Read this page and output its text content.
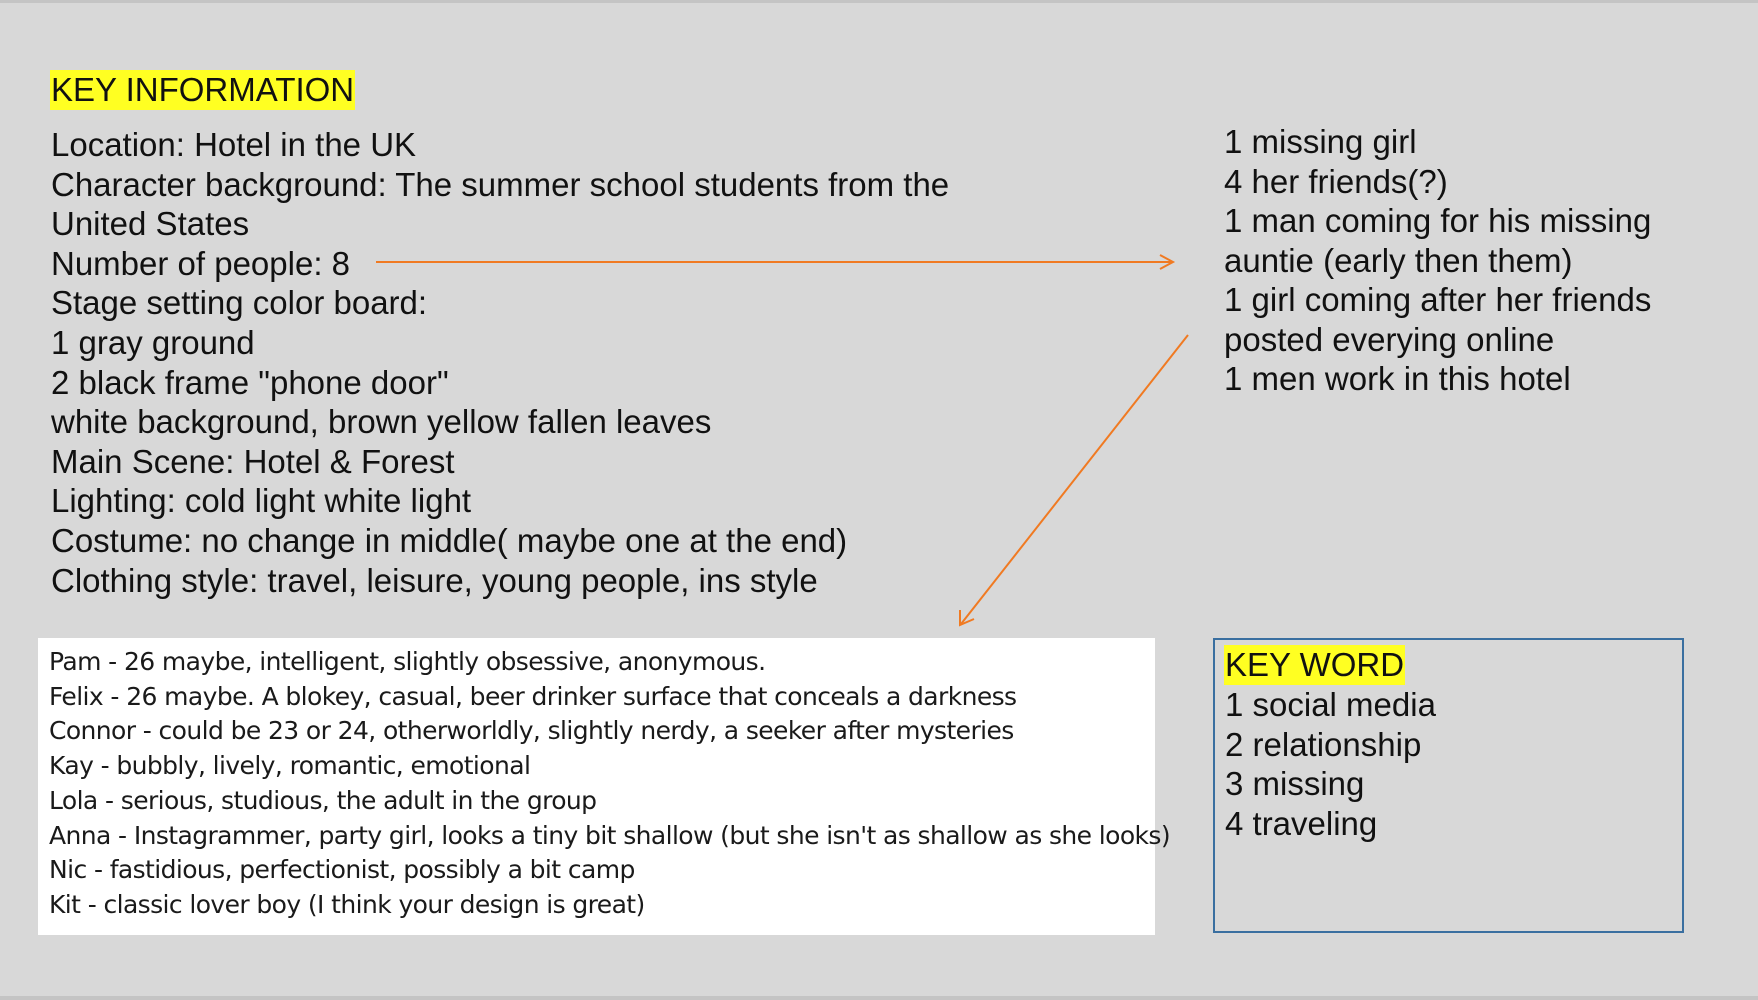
KEY INFORMATION
Location: Hotel in the UK
Character background: The summer school students from the
United States
Number of people: 8
Stage setting color board:
1 gray ground
2 black frame "phone door"
white background, brown yellow fallen leaves
Main Scene: Hotel & Forest
Lighting: cold light white light
Costume: no change in middle( maybe one at the end)
Clothing style: travel, leisure, young people, ins style
1 missing girl
4 her friends(?)
1 man coming for his missing
auntie (early then them)
1 girl coming after her friends
posted everying online
1 men work in this hotel
Pam - 26 maybe, intelligent, slightly obsessive, anonymous.
Felix - 26 maybe. A blokey, casual, beer drinker surface that conceals a darkness
Connor - could be 23 or 24, otherworldly, slightly nerdy, a seeker after mysteries
Kay - bubbly, lively, romantic, emotional
Lola - serious, studious, the adult in the group
Anna - Instagrammer, party girl, looks a tiny bit shallow (but she isn't as shallow as she looks)
Nic - fastidious, perfectionist, possibly a bit camp
Kit - classic lover boy (I think your design is great)
KEY WORD
1 social media
2 relationship
3 missing
4 traveling
